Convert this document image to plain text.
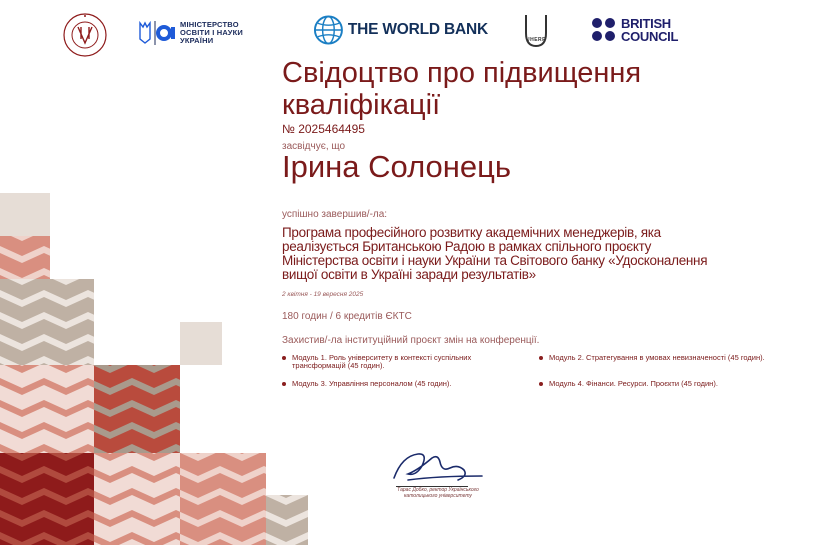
МІНІСТЕРСТВО
ОСВІТИ І НАУКИ
УКРАЇНИ
THE WORLD BANK
UHERP
BRITISH
COUNCIL
Свідоцтво про підвищення кваліфікації
№ 2025464495
засвідчує, що
Ірина Солонець
успішно завершив/-ла:
Програма професійного розвитку академічних менеджерів, яка реалізується Британською Радою в рамках спільного проєкту Міністерства освіти і науки України та Світового банку «Удосконалення вищої освіти в Україні заради результатів»
2 квітня - 19 вересня 2025
180 годин / 6 кредитів ЄКТС
Захистив/-ла інституційний проєкт змін на конференції.
Модуль 1. Роль університету в контексті суспільних трансформацій (45 годин).
Модуль 2. Стратегування в умовах невизначеності (45 годин).
Модуль 3. Управління персоналом (45 годин).	Модуль 4. Фінанси. Ресурси. Проєкти (45 годин).
Тарас Добко, ректор Українського католицького університету
